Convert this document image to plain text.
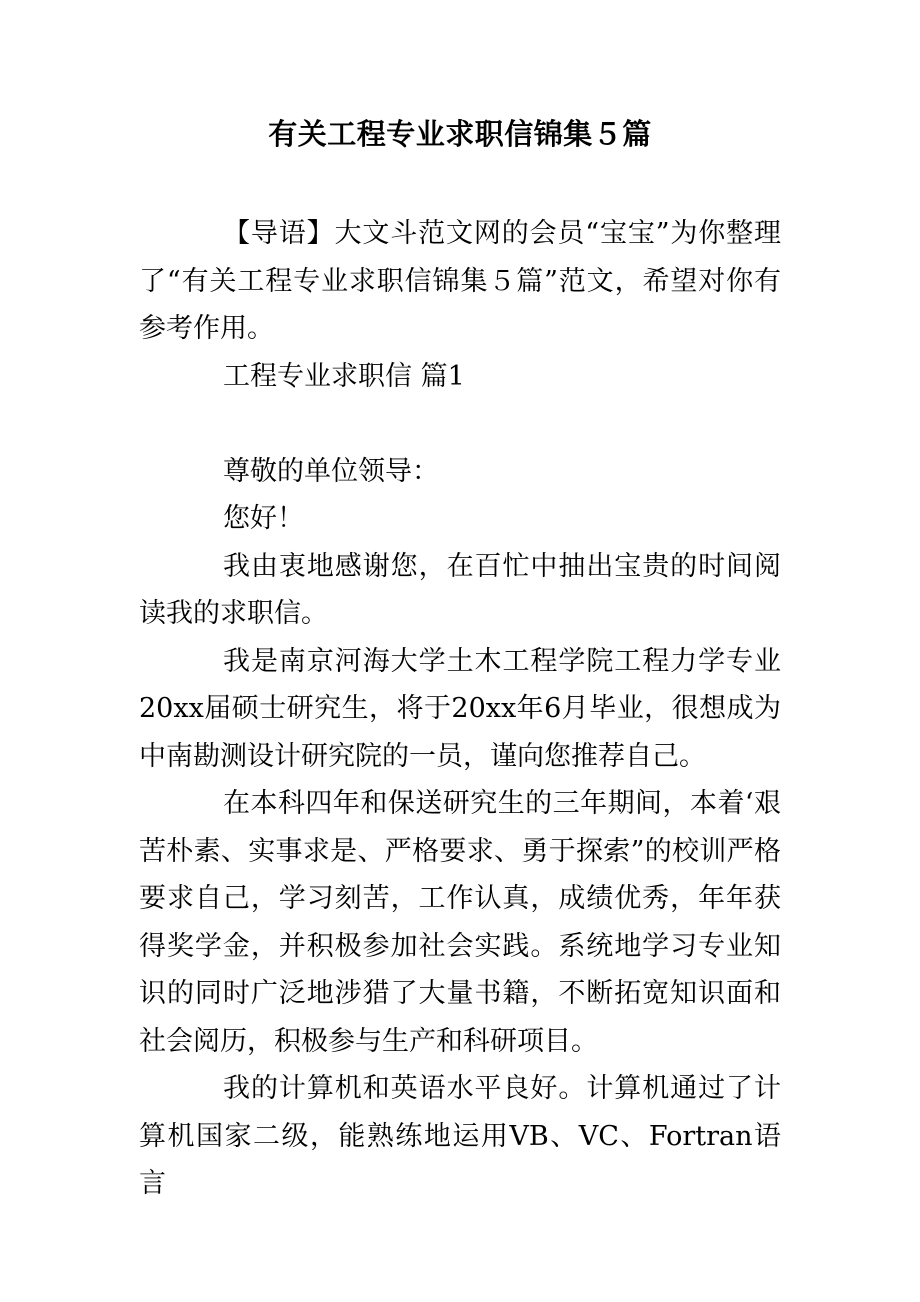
有关工程专业求职信锦集５篇

【导语】大文斗范文网的会员“宝宝”为你整理了“有关工程专业求职信锦集５篇”范文，希望对你有参考作用。

工程专业求职信 篇1

尊敬的单位领导：

您好！

我由衷地感谢您，在百忙中抽出宝贵的时间阅读我的求职信。

我是南京河海大学土木工程学院工程力学专业20xx届硕士研究生，将于20xx年6月毕业，很想成为中南勘测设计研究院的一员，谨向您推荐自己。

在本科四年和保送研究生的三年期间，本着‘艰苦朴素、实事求是、严格要求、勇于探索”的校训严格要求自己，学习刻苦，工作认真，成绩优秀，年年获得奖学金，并积极参加社会实践。系统地学习专业知识的同时广泛地涉猎了大量书籍，不断拓宽知识面和社会阅历，积极参与生产和科研项目。

我的计算机和英语水平良好。计算机通过了计算机国家二级，能熟练地运用VB、VC、Fortran语言
